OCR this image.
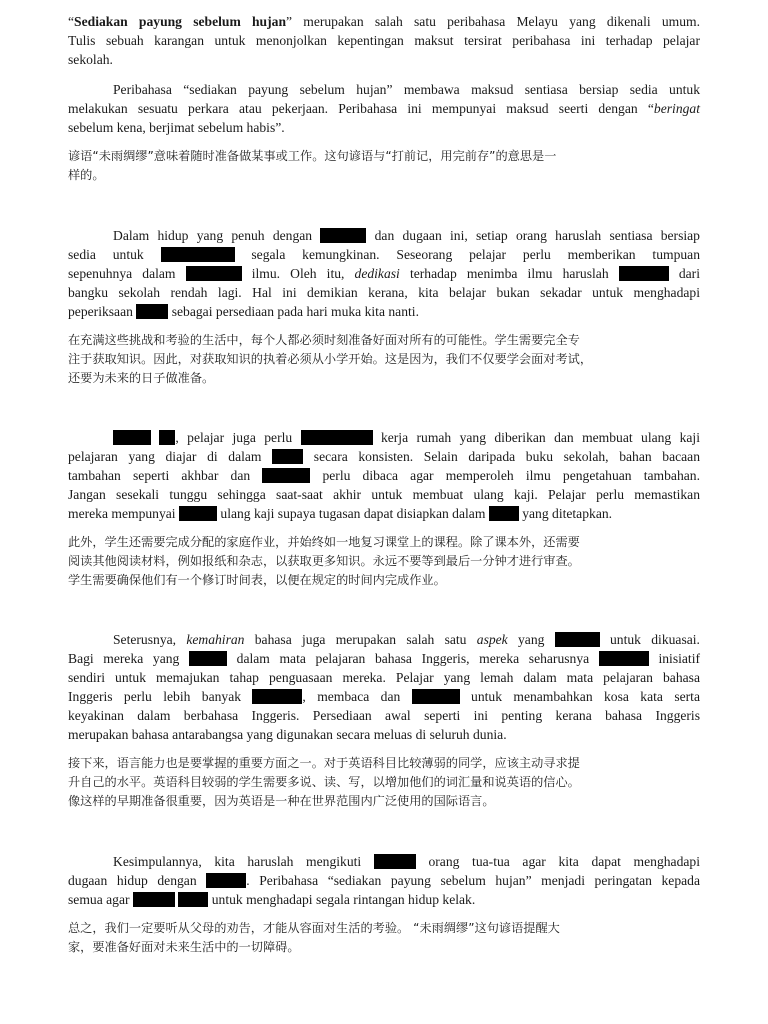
“Sediakan payung sebelum hujan” merupakan salah satu peribahasa Melayu yang dikenali umum.
Tulis sebuah karangan untuk menonjolkan kepentingan maksut tersirat peribahasa ini terhadap pelajar
sekolah.
Peribahasa “sediakan payung sebelum hujan” membawa maksud sentiasa bersiap sedia untuk
melakukan sesuatu perkara atau pekerjaan. Peribahasa ini mempunyai maksud seerti dengan “beringat
sebelum kena, berjimat sebelum habis”.
谚语“未雨绸缪”意味着随时准备做某事或工作。这句谚语与“打前记，用完前存”的意思是一
样的。
Dalam hidup yang penuh dengan	dan dugaan ini, setiap orang haruslah sentiasa bersiap
sedia untuk	segala kemungkinan. Seseorang pelajar perlu memberikan tumpuan
sepenuhnya dalam	ilmu. Oleh itu, dedikasi terhadap menimba ilmu haruslah	dari
bangku sekolah rendah lagi. Hal ini demikian kerana, kita belajar bukan sekadar untuk menghadapi
peperiksaan	sebagai persediaan pada hari muka kita nanti.
在充满这些挑战和考验的生活中，每个人都必须时刻准备好面对所有的可能性。学生需要完全专
注于获取知识。因此，对获取知识的执着必须从小学开始。这是因为，我们不仅要学会面对考试，
还要为未来的日子做准备。
, pelajar juga perlu	kerja rumah yang diberikan dan membuat ulang kaji
pelajaran yang diajar di dalam	secara konsisten. Selain daripada buku sekolah, bahan bacaan
tambahan seperti akhbar dan	perlu dibaca agar memperoleh ilmu pengetahuan tambahan.
Jangan sesekali tunggu sehingga saat-saat akhir untuk membuat ulang kaji. Pelajar perlu memastikan
mereka mempunyai	ulang kaji supaya tugasan dapat disiapkan dalam	yang ditetapkan.
此外，学生还需要完成分配的家庭作业，并始终如一地复习课堂上的课程。除了课本外，还需要
阅读其他阅读材料，例如报纸和杂志，以获取更多知识。永远不要等到最后一分钟才进行审查。
学生需要确保他们有一个修订时间表，以便在规定的时间内完成作业。
Seterusnya, kemahiran bahasa juga merupakan salah satu aspek yang	untuk dikuasai.
Bagi mereka yang	dalam mata pelajaran bahasa Inggeris, mereka seharusnya	inisiatif
sendiri untuk memajukan tahap penguasaan mereka. Pelajar yang lemah dalam mata pelajaran bahasa
Inggeris perlu lebih banyak	, membaca dan	untuk menambahkan kosa kata serta
keyakinan dalam berbahasa Inggeris. Persediaan awal seperti ini penting kerana bahasa Inggeris
merupakan bahasa antarabangsa yang digunakan secara meluas di seluruh dunia.
接下来，语言能力也是要掌握的重要方面之一。对于英语科目比较薄弱的同学，应该主动寻求提
升自己的水平。英语科目较弱的学生需要多说、读、写，以增加他们的词汇量和说英语的信心。
像这样的早期准备很重要，因为英语是一种在世界范围内广泛使用的国际语言。
Kesimpulannya, kita haruslah mengikuti	orang tua-tua agar kita dapat menghadapi
dugaan hidup dengan	. Peribahasa “sediakan payung sebelum hujan” menjadi peringatan kepada
semua agar	untuk menghadapi segala rintangan hidup kelak.
总之，我们一定要听从父母的劝告，才能从容面对生活的考验。 “未雨绸缪”这句谚语提醒大
家，要准备好面对未来生活中的一切障碍。
